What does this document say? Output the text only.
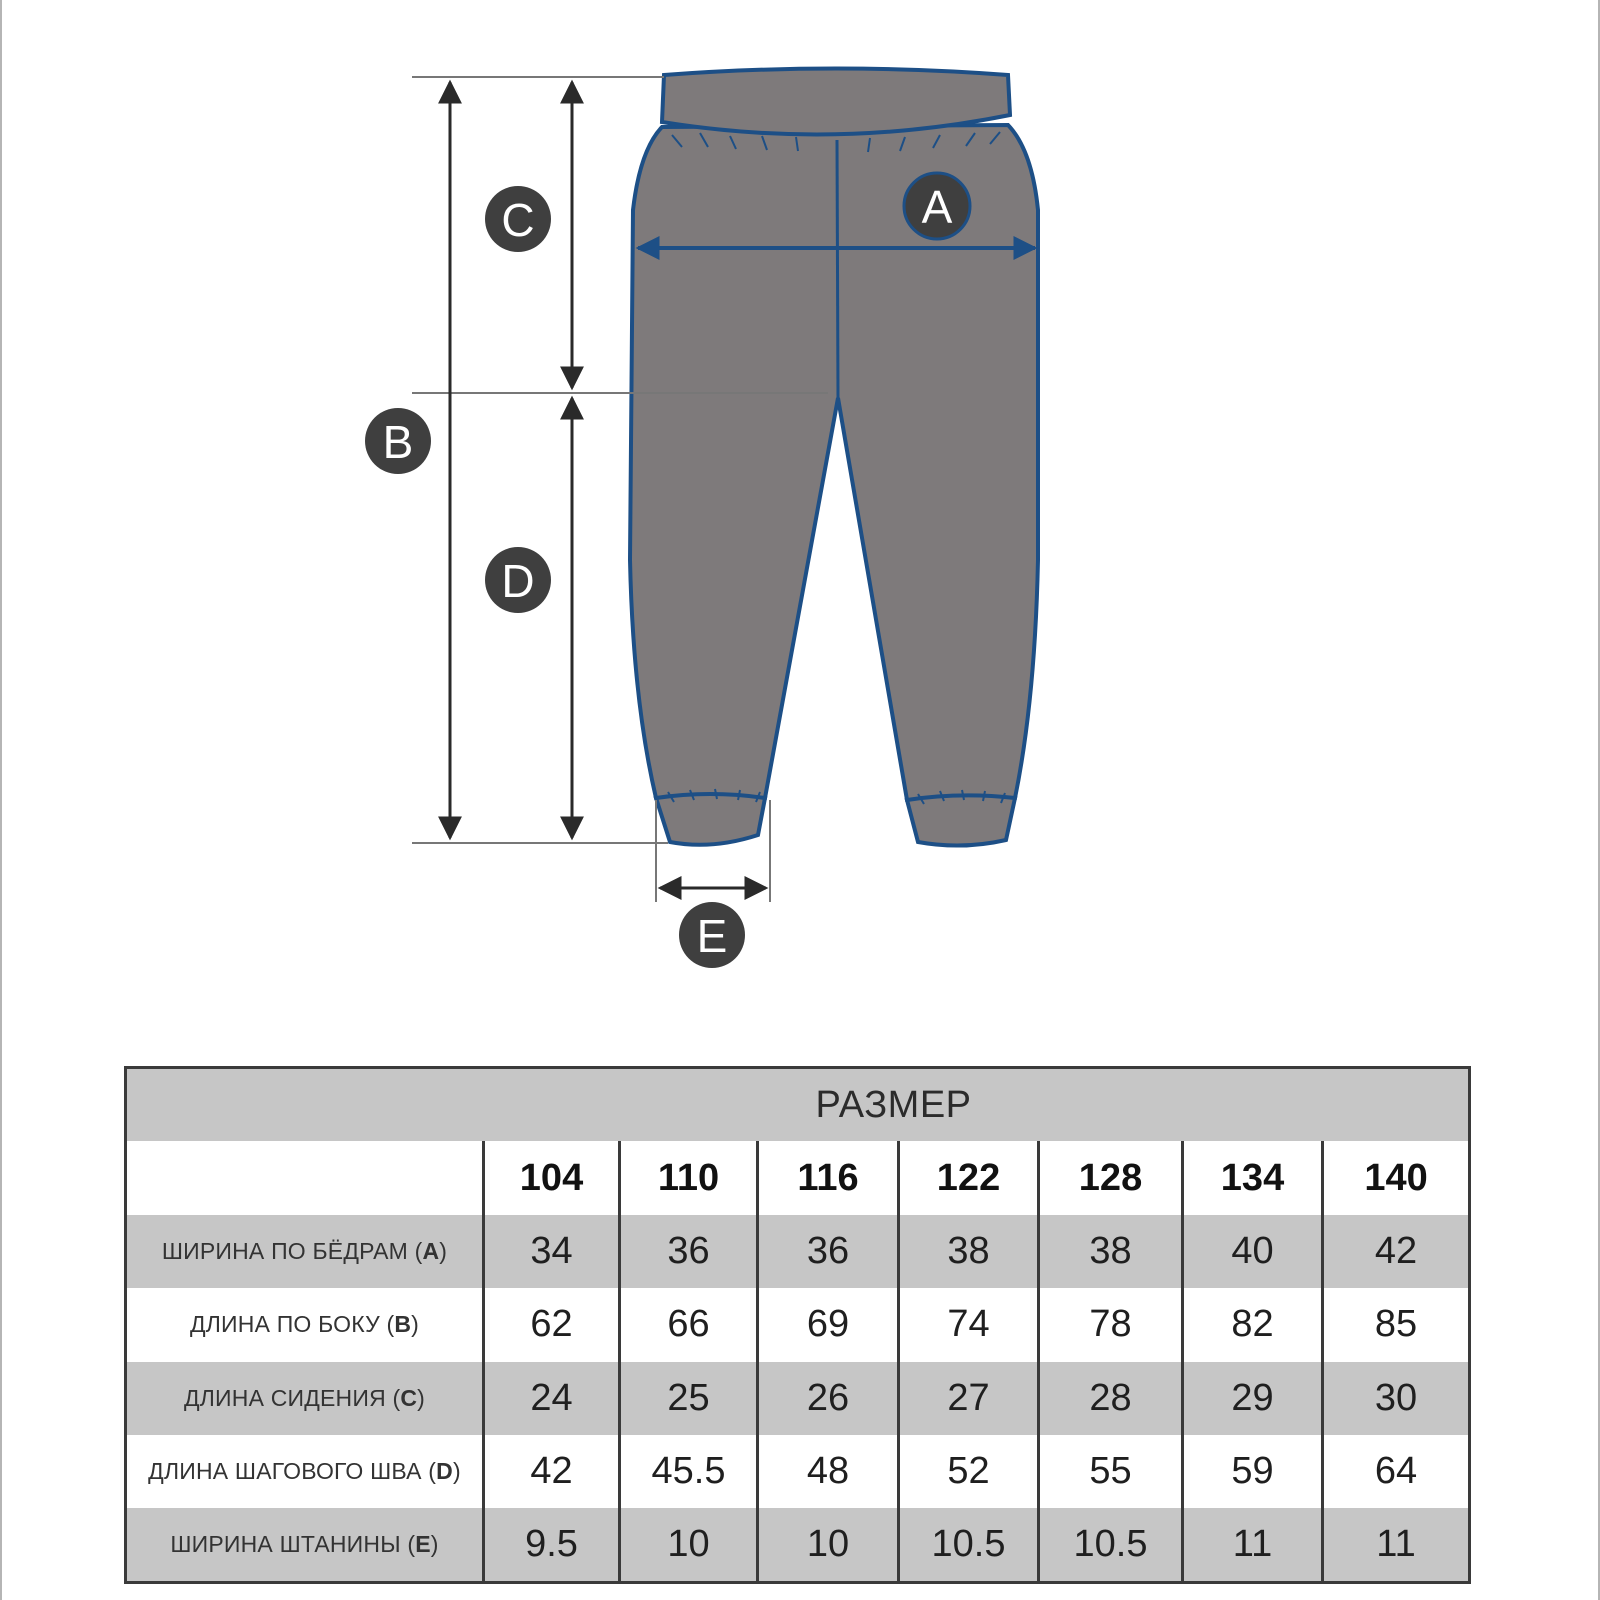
A
B
C
D
E
РАЗМЕР							
	104	110	116	122	128	134	140
ШИРИНА ПО БЁДРАМ (A)	34	36	36	38	38	40	42
ДЛИНА ПО БОКУ (B)	62	66	69	74	78	82	85
ДЛИНА СИДЕНИЯ (C)	24	25	26	27	28	29	30
ДЛИНА ШАГОВОГО ШВА (D)	42	45.5	48	52	55	59	64
ШИРИНА ШТАНИНЫ (E)	9.5	10	10	10.5	10.5	11	11
